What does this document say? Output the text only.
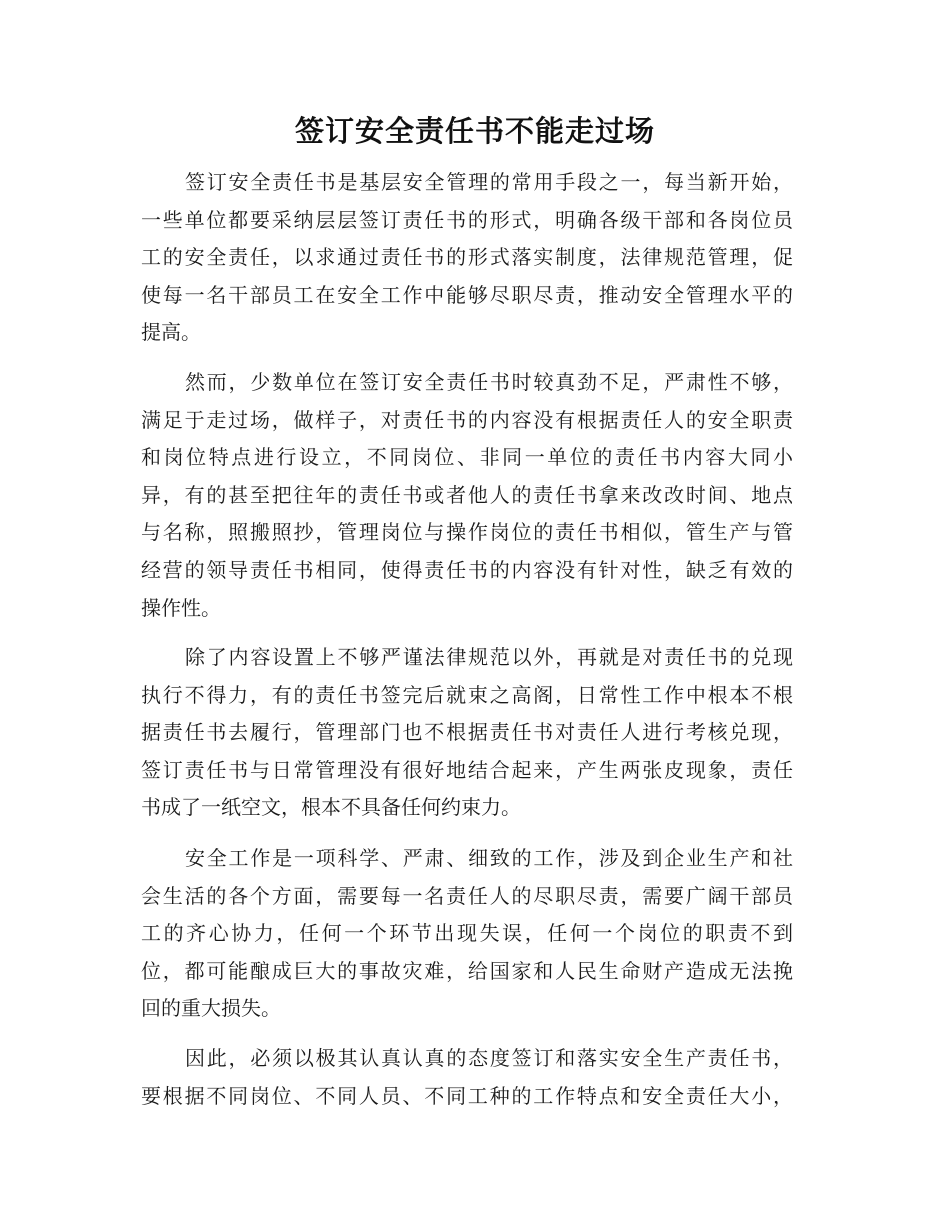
签订安全责任书不能走过场
签订安全责任书是基层安全管理的常用手段之一，每当新开始，
一些单位都要采纳层层签订责任书的形式，明确各级干部和各岗位员
工的安全责任，以求通过责任书的形式落实制度，法律规范管理，促
使每一名干部员工在安全工作中能够尽职尽责，推动安全管理水平的
提高。
然而，少数单位在签订安全责任书时较真劲不足，严肃性不够，
满足于走过场，做样子，对责任书的内容没有根据责任人的安全职责
和岗位特点进行设立，不同岗位、非同一单位的责任书内容大同小
异，有的甚至把往年的责任书或者他人的责任书拿来改改时间、地点
与名称，照搬照抄，管理岗位与操作岗位的责任书相似，管生产与管
经营的领导责任书相同，使得责任书的内容没有针对性，缺乏有效的
操作性。
除了内容设置上不够严谨法律规范以外，再就是对责任书的兑现
执行不得力，有的责任书签完后就束之高阁，日常性工作中根本不根
据责任书去履行，管理部门也不根据责任书对责任人进行考核兑现，
签订责任书与日常管理没有很好地结合起来，产生两张皮现象，责任
书成了一纸空文，根本不具备任何约束力。
安全工作是一项科学、严肃、细致的工作，涉及到企业生产和社
会生活的各个方面，需要每一名责任人的尽职尽责，需要广阔干部员
工的齐心协力，任何一个环节出现失误，任何一个岗位的职责不到
位，都可能酿成巨大的事故灾难，给国家和人民生命财产造成无法挽
回的重大损失。
因此，必须以极其认真认真的态度签订和落实安全生产责任书，
要根据不同岗位、不同人员、不同工种的工作特点和安全责任大小，
